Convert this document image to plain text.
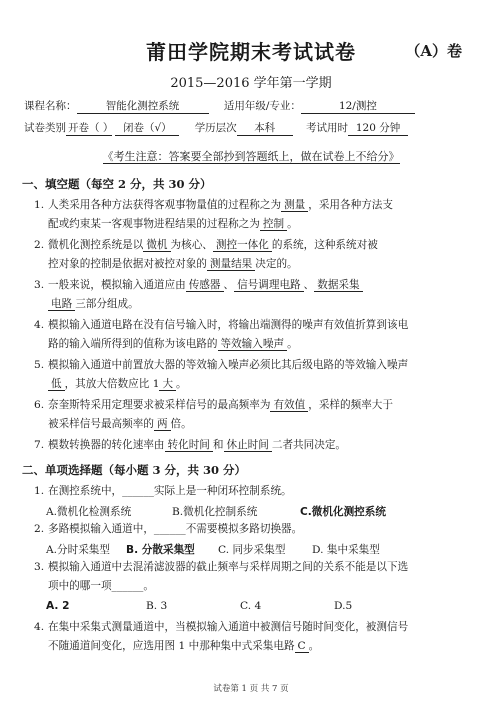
莆田学院期末考试试卷	（A）卷
2015—2016 学年第一学期
课程名称：	智能化测控系统	适用年级/专业：	12/测控
试卷类别 开卷（ ） 闭卷（√） 学历层次 本科	考试用时 120 分钟
《考生注意：答案要全部抄到答题纸上，做在试卷上不给分》
一、填空题（每空 2 分，共 30 分）
1. 人类采用各种方法获得客观事物量值的过程称之为 测量 ，采用各种方法支
配或约束某一客观事物进程结果的过程称之为 控制 。
2. 微机化测控系统是以 微机 为核心、 测控一体化 的系统，这种系统对被
控对象的控制是依据对被控对象的 测量结果 决定的。
3. 一般来说，模拟输入通道应由 传感器 、 信号调理电路 、 数据采集
电路 三部分组成。
4. 模拟输入通道电路在没有信号输入时，将输出端测得的噪声有效值折算到该电
路的输入端所得到的值称为该电路的 等效输入噪声 。
5. 模拟输入通道中前置放大器的等效输入噪声必须比其后级电路的等效输入噪声
低 ，其放大倍数应比 1 大 。
6. 奈奎斯特采用定理要求被采样信号的最高频率为 有效值 ，采样的频率大于
被采样信号最高频率的 两 倍。
7. 模数转换器的转化速率由 转化时间 和 休止时间 二者共同决定。
二、单项选择题（每小题 3 分，共 30 分）
1. 在测控系统中，______实际上是一种闭环控制系统。
A.微机化检测系统	B.微机化控制系统	C.微机化测控系统
2. 多路模拟输入通道中，______不需要模拟多路切换器。
A.分时采集型 B. 分散采集型 C. 同步采集型	D. 集中采集型
3. 模拟输入通道中去混淆滤波器的截止频率与采样周期之间的关系不能是以下选
项中的哪一项______。
A. 2	B. 3	C. 4	D.5
4. 在集中采集式测量通道中，当模拟输入通道中被测信号随时间变化，被测信号
不随通道间变化，应选用图 1 中那种集中式采集电路 C 。
试卷第 1 页 共 7 页
